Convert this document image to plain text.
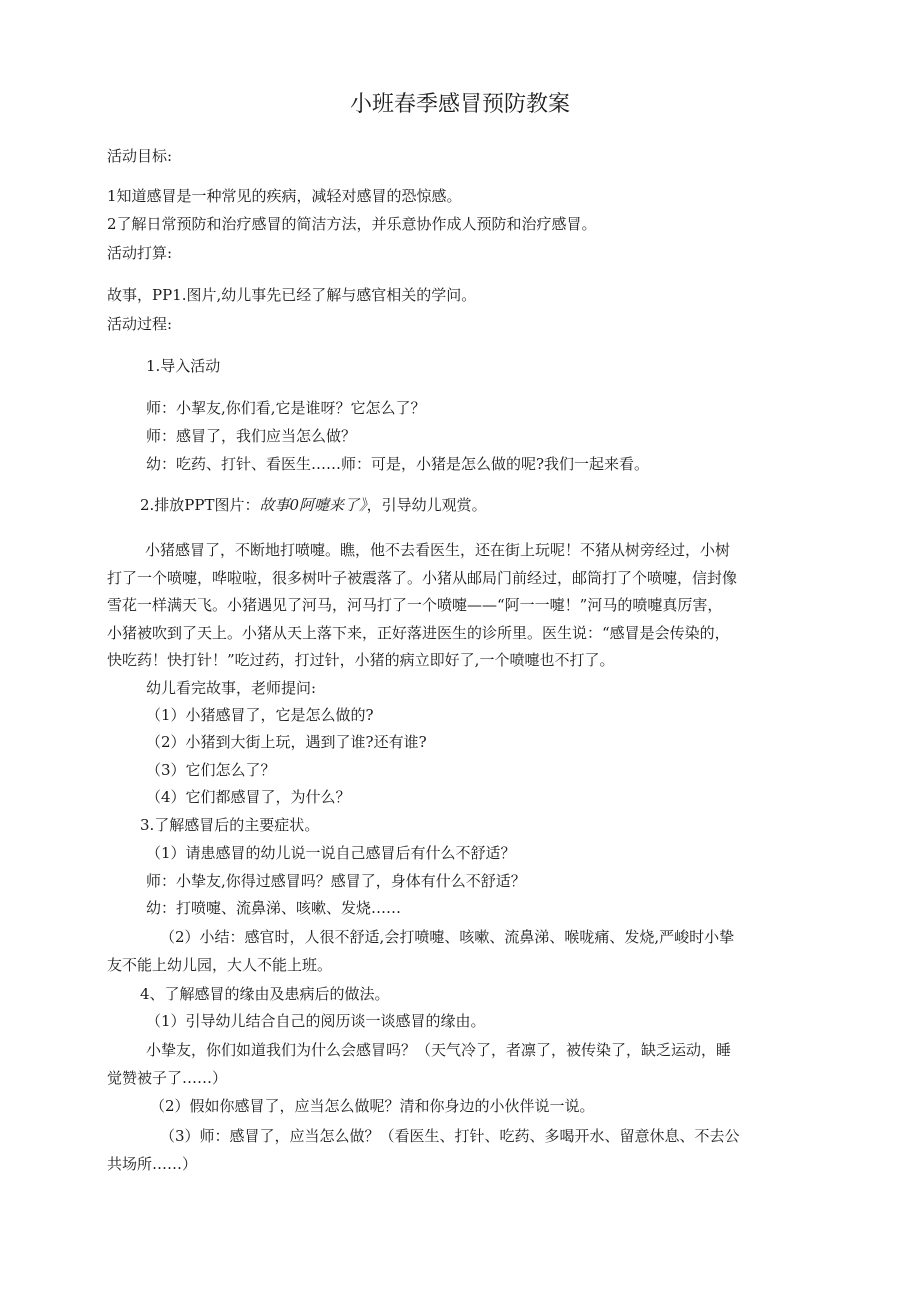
小班春季感冒预防教案
活动目标:
1知道感冒是一种常见的疾病，减轻对感冒的恐惊感。
2了解日常预防和治疗感冒的简洁方法，并乐意协作成人预防和治疗感冒。
活动打算:
故事，PP1.图片,幼儿事先已经了解与感官相关的学问。
活动过程:
1.导入活动
师：小挈友,你们看,它是谁呀？它怎么了？
师：感冒了，我们应当怎么做？
幼：吃药、打针、看医生……师：可是，小猪是怎么做的呢?我们一起来看。
2.排放PPT图片：故事0阿嚏来了》，引导幼儿观赏。
小猪感冒了，不断地打喷嚏。瞧，他不去看医生，还在街上玩呢！不猪从树旁经过，小树
打了一个喷嚏，哗啦啦，很多树叶子被震落了。小猪从邮局门前经过，邮筒打了个喷嚏，信封像
雪花一样满天飞。小猪遇见了河马，河马打了一个喷嚏——“阿一一嚏！”河马的喷嚏真厉害，
小猪被吹到了天上。小猪从天上落下来，正好落进医生的诊所里。医生说：“感冒是会传染的，
快吃药！快打针！”吃过药，打过针，小猪的病立即好了,一个喷嚏也不打了。
幼儿看完故事，老师提问:
（1）小猪感冒了，它是怎么做的?
（2）小猪到大街上玩，遇到了谁?还有谁?
（3）它们怎么了？
（4）它们都感冒了，为什么？
3.了解感冒后的主要症状。
（1）请患感冒的幼儿说一说自己感冒后有什么不舒适？
师：小挚友,你得过感冒吗？感冒了，身体有什么不舒适？
幼：打喷嚏、流鼻涕、咳嗽、发烧……
（2）小结：感官时，人很不舒适,会打喷嚏、咳嗽、流鼻涕、喉咙痛、发烧,严峻时小挚
友不能上幼儿园，大人不能上班。
4、了解感冒的缘由及患病后的做法。
（1）引导幼儿结合自己的阅历谈一谈感冒的缘由。
小挚友，你们如道我们为什么会感冒吗？（天气冷了，者凛了，被传染了，缺乏运动，睡
觉赞被子了……）
（2）假如你感冒了，应当怎么做呢？清和你身边的小伙伴说一说。
（3）师：感冒了，应当怎么做？（看医生、打针、吃药、多喝开水、留意休息、不去公
共场所……）
